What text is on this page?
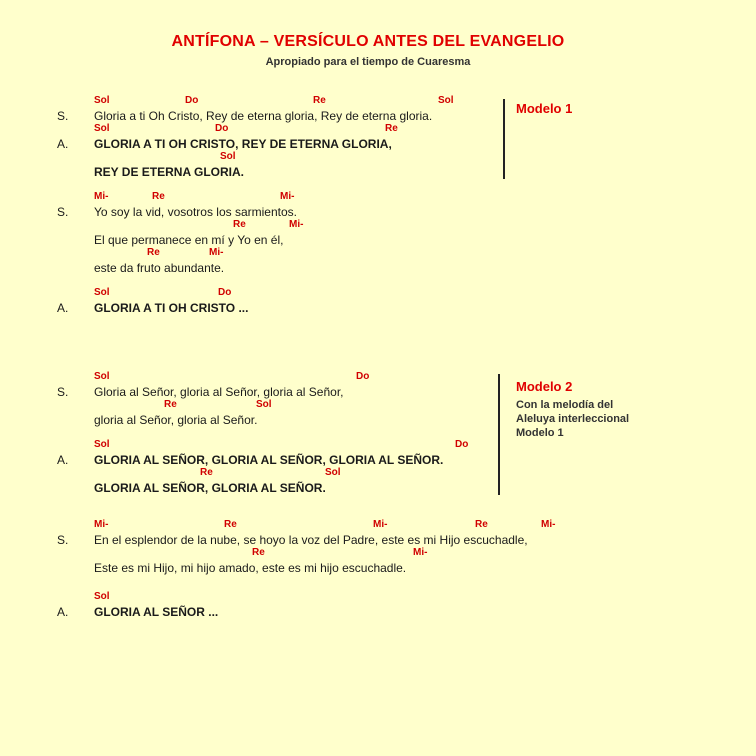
ANTÍFONA – VERSÍCULO ANTES DEL EVANGELIO
Apropiado para el tiempo de Cuaresma
Sol	Do	Re	Sol
S. Gloria a ti Oh Cristo, Rey de eterna gloria, Rey de eterna gloria.
Sol	Do	Re
A. GLORIA A TI OH CRISTO, REY DE ETERNA GLORIA,
Sol
REY DE ETERNA GLORIA.
Modelo 1
Mi-	Re	Mi-
S. Yo soy la vid, vosotros los sarmientos.
Re	Mi-
El que permanece en mí y Yo en él,
Re	Mi-
este da fruto abundante.
Sol	Do
A. GLORIA A TI OH CRISTO ...
Sol	Do
S. Gloria al Señor, gloria al Señor, gloria al Señor,
Re	Sol
gloria al Señor, gloria al Señor.
Sol	Do
A. GLORIA AL SEÑOR, GLORIA AL SEÑOR, GLORIA AL SEÑOR.
Re	Sol
GLORIA AL SEÑOR, GLORIA AL SEÑOR.
Modelo 2
Con la melodía del
Aleluya interleccional
Modelo 1
Mi-	Re	Mi-	Re	Mi-
S. En el esplendor de la nube, se hoyo la voz del Padre, este es mi Hijo escuchadle,
Re	Mi-
Este es mi Hijo, mi hijo amado, este es mi hijo escuchadle.
Sol
A. GLORIA AL SEÑOR ...
